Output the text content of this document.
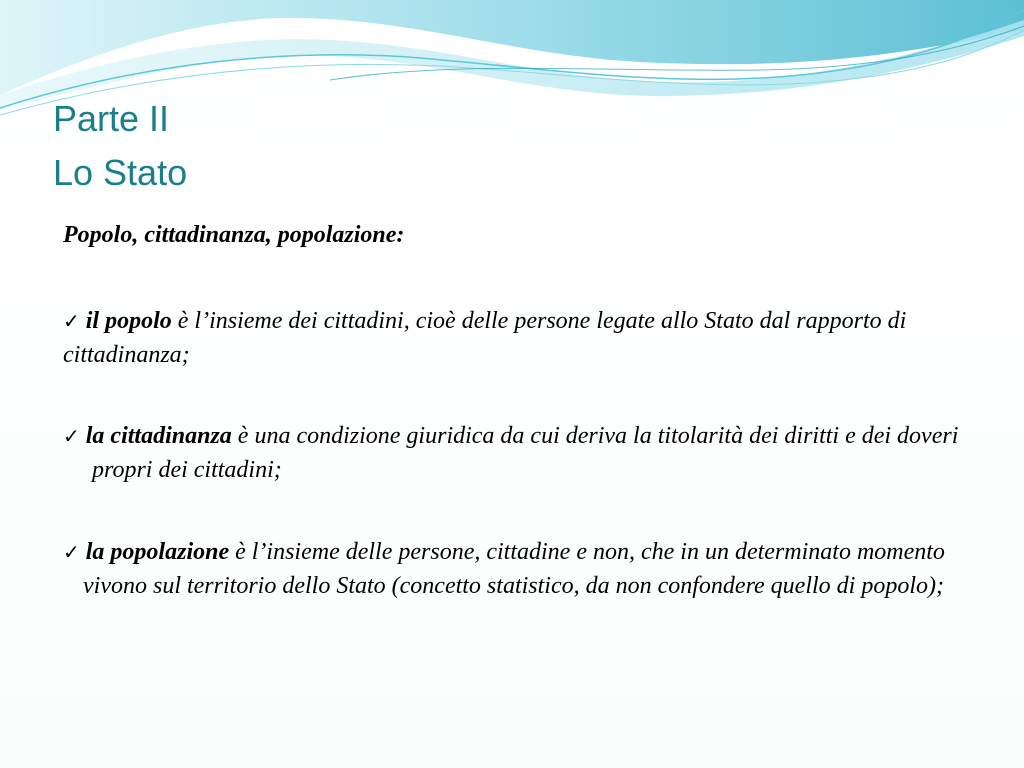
Parte II
Lo Stato

Popolo, cittadinanza, popolazione:

✓ il popolo è l’insieme dei cittadini, cioè delle persone legate allo Stato dal rapporto di cittadinanza;

✓ la cittadinanza è una condizione giuridica da cui deriva la titolarità dei diritti e dei doveri propri dei cittadini;

✓ la popolazione è l’insieme delle persone, cittadine e non, che in un determinato momento vivono sul territorio dello Stato (concetto statistico, da non confondere quello di popolo);
